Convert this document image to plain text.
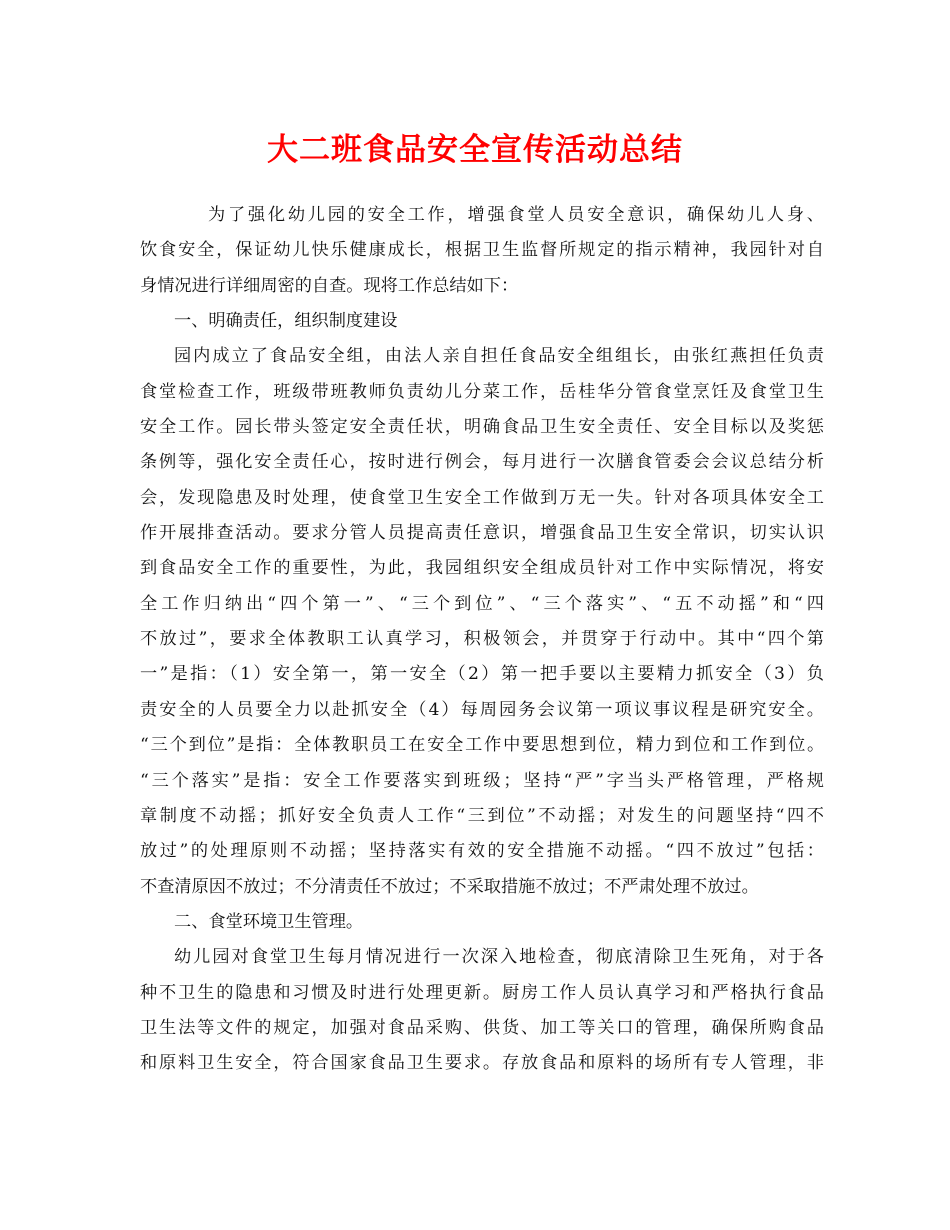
大二班食品安全宣传活动总结
为了强化幼儿园的安全工作，增强食堂人员安全意识，确保幼儿人身、
饮食安全，保证幼儿快乐健康成长，根据卫生监督所规定的指示精神，我园针对自
身情况进行详细周密的自查。现将工作总结如下：
一、明确责任，组织制度建设
园内成立了食品安全组，由法人亲自担任食品安全组组长，由张红燕担任负责
食堂检查工作，班级带班教师负责幼儿分菜工作，岳桂华分管食堂烹饪及食堂卫生
安全工作。园长带头签定安全责任状，明确食品卫生安全责任、安全目标以及奖惩
条例等，强化安全责任心，按时进行例会，每月进行一次膳食管委会会议总结分析
会，发现隐患及时处理，使食堂卫生安全工作做到万无一失。针对各项具体安全工
作开展排查活动。要求分管人员提高责任意识，增强食品卫生安全常识，切实认识
到食品安全工作的重要性，为此，我园组织安全组成员针对工作中实际情况，将安
全工作归纳出“四个第一”、“三个到位”、“三个落实”、“五不动摇”和“四
不放过”，要求全体教职工认真学习，积极领会，并贯穿于行动中。其中“四个第
一”是指：（1）安全第一，第一安全（2）第一把手要以主要精力抓安全（3）负
责安全的人员要全力以赴抓安全（4）每周园务会议第一项议事议程是研究安全。
“三个到位”是指：全体教职员工在安全工作中要思想到位，精力到位和工作到位。
“三个落实”是指：安全工作要落实到班级；坚持“严”字当头严格管理，严格规
章制度不动摇；抓好安全负责人工作“三到位”不动摇；对发生的问题坚持“四不
放过”的处理原则不动摇；坚持落实有效的安全措施不动摇。“四不放过”包括：
不查清原因不放过；不分清责任不放过；不采取措施不放过；不严肃处理不放过。
二、食堂环境卫生管理。
幼儿园对食堂卫生每月情况进行一次深入地检查，彻底清除卫生死角，对于各
种不卫生的隐患和习惯及时进行处理更新。厨房工作人员认真学习和严格执行食品
卫生法等文件的规定，加强对食品采购、供货、加工等关口的管理，确保所购食品
和原料卫生安全，符合国家食品卫生要求。存放食品和原料的场所有专人管理，非
